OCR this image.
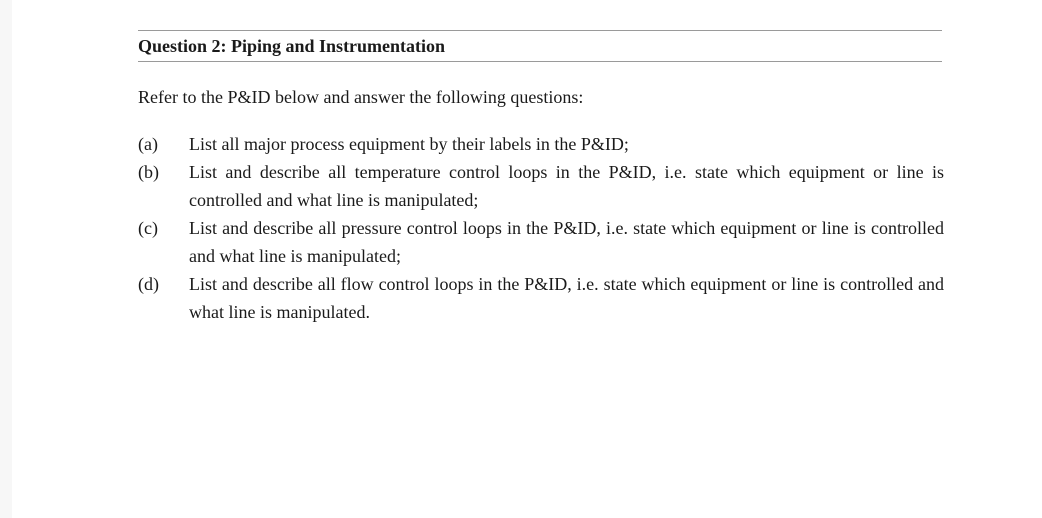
Question 2: Piping and Instrumentation
Refer to the P&ID below and answer the following questions:
(a) List all major process equipment by their labels in the P&ID;
(b) List and describe all temperature control loops in the P&ID, i.e. state which equipment or line is controlled and what line is manipulated;
(c) List and describe all pressure control loops in the P&ID, i.e. state which equipment or line is controlled and what line is manipulated;
(d) List and describe all flow control loops in the P&ID, i.e. state which equipment or line is controlled and what line is manipulated.
